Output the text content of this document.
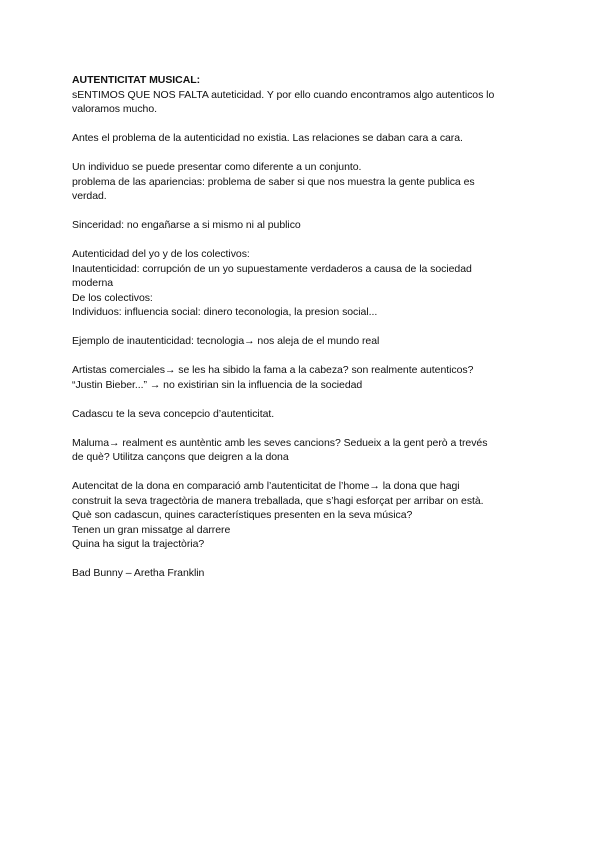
AUTENTICITAT MUSICAL:
sENTIMOS QUE NOS FALTA auteticidad. Y por ello cuando encontramos algo autenticos lo
valoramos mucho.
Antes el problema de la autenticidad no existia. Las relaciones se daban cara a cara.
Un individuo se puede presentar como diferente a un conjunto.
problema de las apariencias: problema de saber si que nos muestra la gente publica es
verdad.
Sinceridad: no engañarse a si mismo ni al publico
Autenticidad del yo y de los colectivos:
Inautenticidad: corrupción de un yo supuestamente verdaderos a causa de la sociedad
moderna
De los colectivos:
Individuos: influencia social: dinero teconologia, la presion social...
Ejemplo de inautenticidad: tecnologia→ nos aleja de el mundo real
Artistas comerciales→ se les ha sibido la fama a la cabeza? son realmente autenticos?
“Justin Bieber...” → no existirian sin la influencia de la sociedad
Cadascu te la seva concepcio d’autenticitat.
Maluma→ realment es auntèntic amb les seves cancions? Sedueix a la gent però a trevés
de què? Utilitza cançons que deigren a la dona
Autencitat de la dona en comparació amb l’autenticitat de l’home→ la dona que hagi
construit la seva tragectòria de manera treballada, que s’hagi esforçat per arribar on està.
Què son cadascun, quines característiques presenten en la seva música?
Tenen un gran missatge al darrere
Quina ha sigut la trajectòria?
Bad Bunny – Aretha Franklin
